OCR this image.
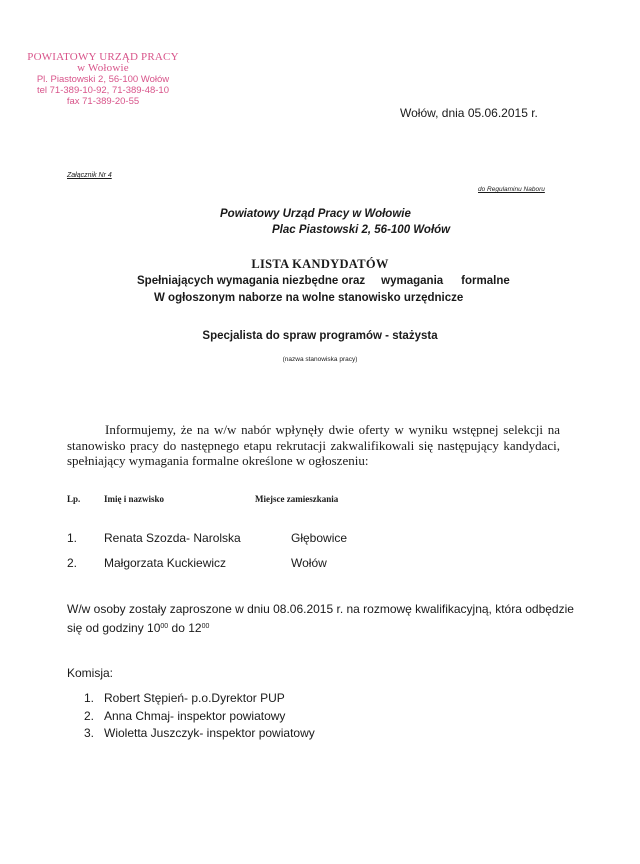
POWIATOWY URZĄD PRACY
w Wołowie
Pl. Piastowski 2, 56-100 Wołów
tel 71-389-10-92, 71-389-48-10
fax 71-389-20-55
Wołów, dnia 05.06.2015 r.
Załącznik Nr 4
do Regulaminu Naboru
Powiatowy Urząd Pracy w Wołowie
Plac Piastowski 2, 56-100 Wołów
LISTA KANDYDATÓW
Spełniających wymagania niezbędne oraz wymagania formalne
W ogłoszonym naborze na wolne stanowisko urzędnicze
Specjalista do spraw programów - stażysta
(nazwa stanowiska pracy)
Informujemy, że na w/w nabór wpłynęły dwie oferty w wyniku wstępnej selekcji na stanowisko pracy do następnego etapu rekrutacji zakwalifikowali się następujący kandydaci, spełniający wymagania formalne określone w ogłoszeniu:
Lp.	Imię i nazwisko	Miejsce zamieszkania
1. Renata Szozda- Narolska	Głębowice
2. Małgorzata Kuckiewicz	Wołów
W/w osoby zostały zaproszone w dniu 08.06.2015 r. na rozmowę kwalifikacyjną, która odbędzie się od godziny $10^{00}$ do $12^{00}$
Komisja:
1. Robert Stępień- p.o.Dyrektor PUP
2. Anna Chmaj- inspektor powiatowy
3. Wioletta Juszczyk- inspektor powiatowy
